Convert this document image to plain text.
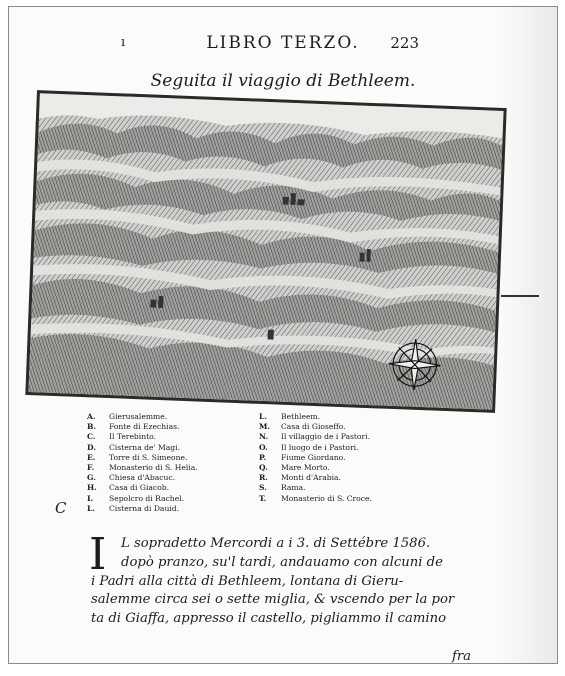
ı	LIBRO TERZO.	223
Seguita il viaggio di Bethleem.
A. Gierusalemme.
B. Fonte di Ezechias.
C. Il Terebinto.
D. Cisterna de' Magi.
E. Torre di S. Simeone.
F. Monasterio di S. Helia.
G. Chiesa d'Abacuc.
H. Casa di Giacob.
I. Sepolcro di Rachel.
L. Cisterna di Dauid.
L. Bethleem.
M. Casa di Gioseffo.
N. Il villaggio de i Pastori.
O. Il luogo de i Pastori.
P. Fiume Giordano.
Q. Mare Morto.
R. Monti d'Arabia.
S. Rama.
T. Monasterio di S. Croce.
C
I	L sopradetto Mercordi a i 3. di Settébre 1586.
dopò pranzo, su'l tardi, andauamo con alcuni de
i Padri alla città di Bethleem, lontana di Gieru-
salemme circa sei o sette miglia, & vscendo per la por
ta di Giaffa, appresso il castello, pigliammo il camino
fra
